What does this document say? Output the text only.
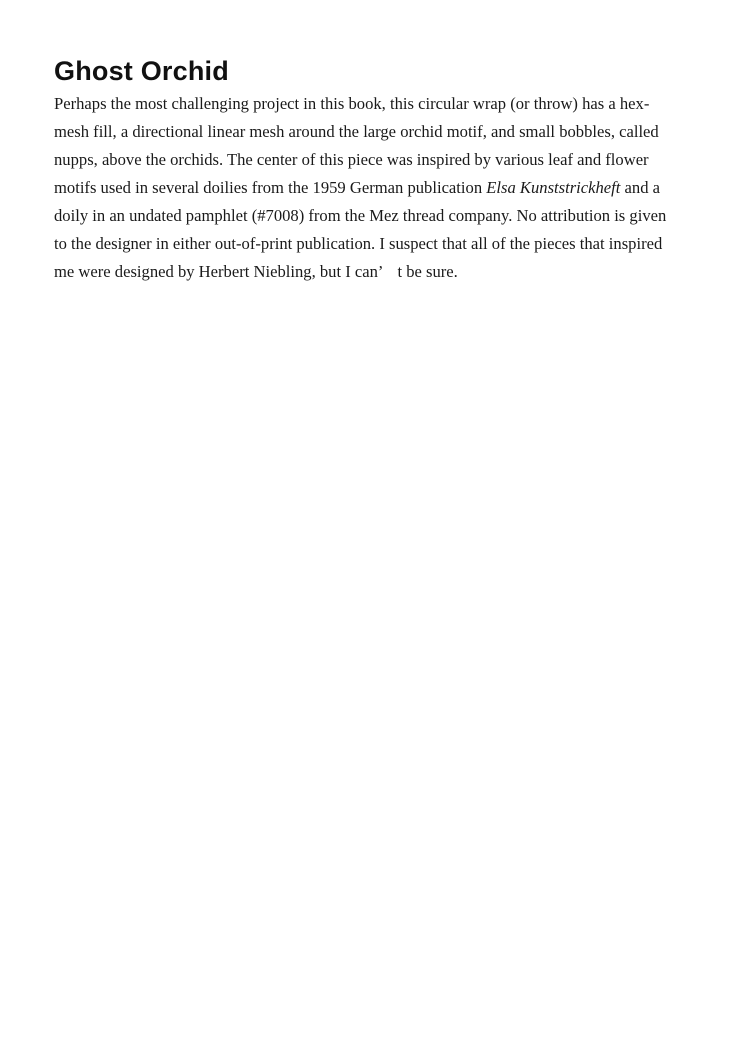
Ghost Orchid

Perhaps the most challenging project in this book, this circular wrap (or throw) has a hex-

mesh fill, a directional linear mesh around the large orchid motif, and small bobbles, called

nupps, above the orchids. The center of this piece was inspired by various leaf and flower

motifs used in several doilies from the 1959 German publication Elsa Kunststrickheft and a

doily in an undated pamphlet (#7008) from the Mez thread company. No attribution is given

to the designer in either out-of-print publication. I suspect that all of the pieces that inspired

me were designed by Herbert Niebling, but I can’ t be sure.
